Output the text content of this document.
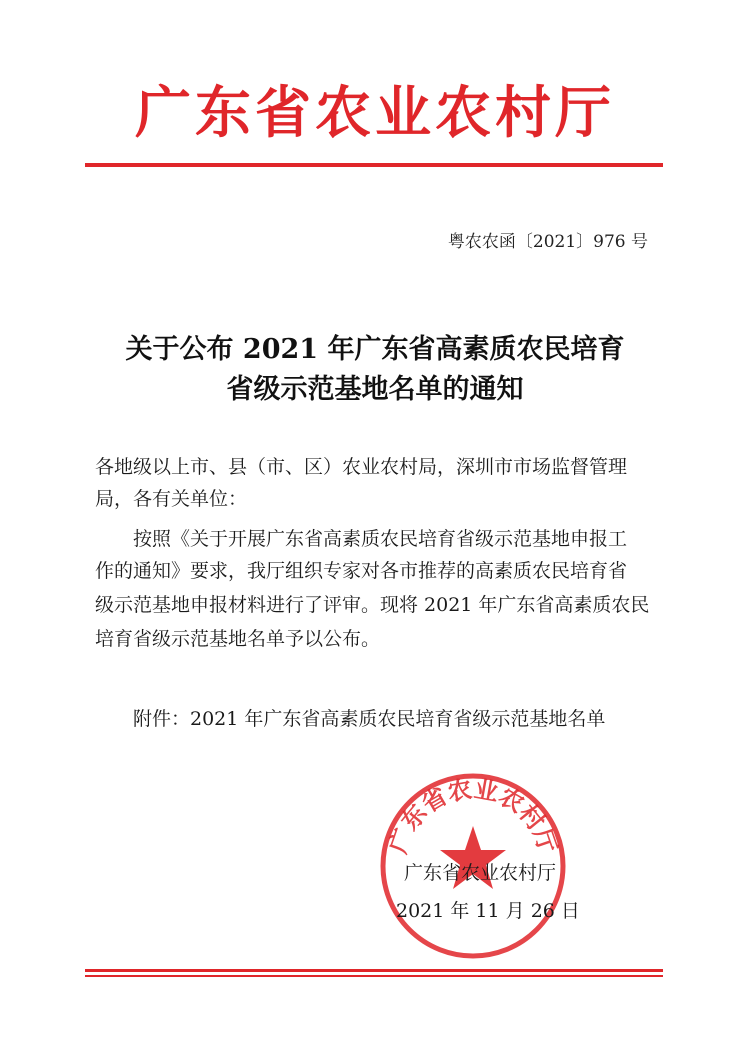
广东省农业农村厅
粤农农函〔2021〕976 号
关于公布 2021 年广东省高素质农民培育
省级示范基地名单的通知
各地级以上市、县（市、区）农业农村局，深圳市市场监督管理
局，各有关单位：
按照《关于开展广东省高素质农民培育省级示范基地申报工
作的通知》要求，我厅组织专家对各市推荐的高素质农民培育省
级示范基地申报材料进行了评审。现将 2021 年广东省高素质农民
培育省级示范基地名单予以公布。
附件：2021 年广东省高素质农民培育省级示范基地名单
广东省农业农村厅
广东省农业农村厅
2021 年 11 月 26 日
